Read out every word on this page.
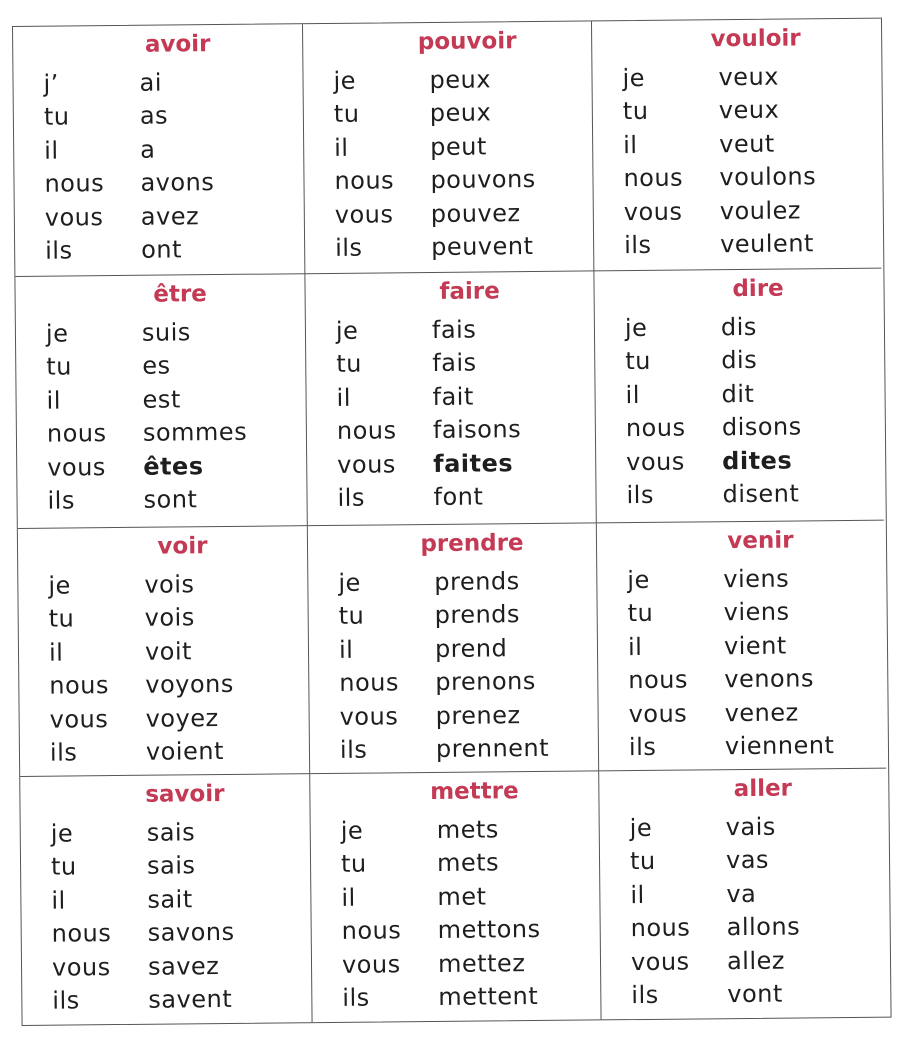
avoir
j’	ai
tu	as
il	a
nous	avons
vous	avez
ils	ont
pouvoir
je	peux
tu	peux
il	peut
nous	pouvons
vous	pouvez
ils	peuvent
vouloir
je	veux
tu	veux
il	veut
nous	voulons
vous	voulez
ils	veulent
être
je	suis
tu	es
il	est
nous	sommes
vous	êtes
ils	sont
faire
je	fais
tu	fais
il	fait
nous	faisons
vous	faites
ils	font
dire
je	dis
tu	dis
il	dit
nous	disons
vous	dites
ils	disent
voir
je	vois
tu	vois
il	voit
nous	voyons
vous	voyez
ils	voient
prendre
je	prends
tu	prends
il	prend
nous	prenons
vous	prenez
ils	prennent
venir
je	viens
tu	viens
il	vient
nous	venons
vous	venez
ils	viennent
savoir
je	sais
tu	sais
il	sait
nous	savons
vous	savez
ils	savent
mettre
je	mets
tu	mets
il	met
nous	mettons
vous	mettez
ils	mettent
aller
je	vais
tu	vas
il	va
nous	allons
vous	allez
ils	vont
